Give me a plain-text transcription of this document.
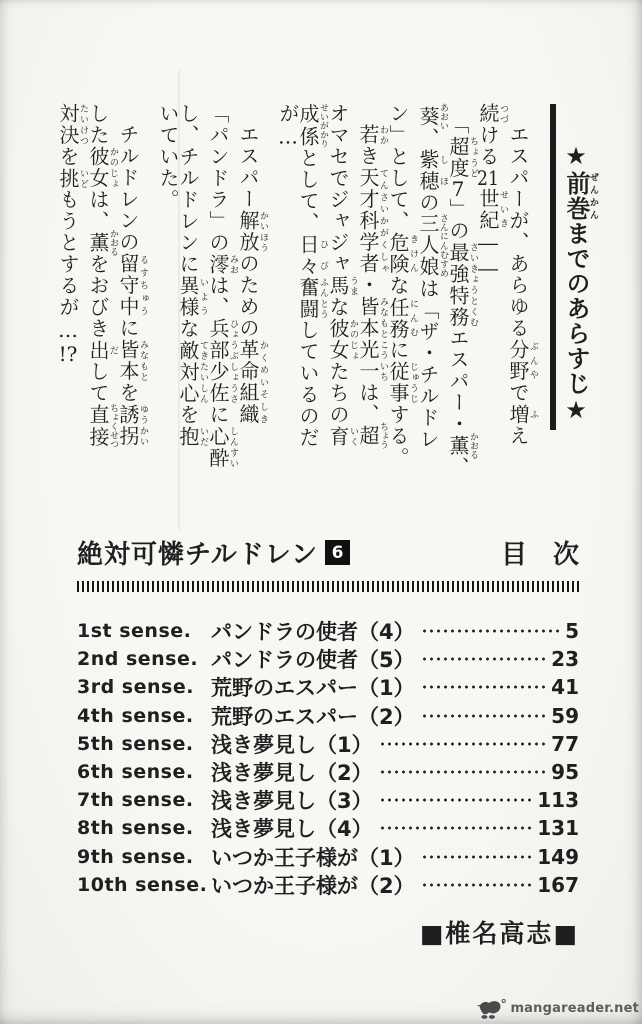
★前巻ぜんかんまでのあらすじ★
エスパーが、あらゆる分野ぶんやで増ふえ
続つづける21世紀せいき――
「超度ちょうど7」の最強特務さいきょうとくむエスパー・薫かおる、
葵あおい、紫穂しほの三人娘さんにんむすめは「ザ・チルドレ
ン」として、危険きけんな任務にんむに従事じゅうじする。
若わかき天才科学者てんさいかがくしゃ・皆本光一みなもとこういちは、超ちょう
オマセでジャジャ馬うまな彼女かのじょたちの育いく
成係せいがかりとして、日々ひび奮闘ふんとうしているのだ
が…
エスパー解放かいほうのための革命組織かくめいそしき
「パンドラ」の澪みおは、兵部少佐ひょうぶしょうさに心酔しんすい
し、チルドレンに異様いような敵対心てきたいしんを抱いだ
いていた。
チルドレンの留守中るすちゅうに皆本みなもとを誘拐ゆうかい
した彼女かのじょは、薫かおるをおびき出だして直接ちょくせつ
対決たいけつを挑いどもうとするが…!?
絶対可憐チルドレン 6	目　次
1st sense. パンドラの使者（4）	5
2nd sense. パンドラの使者（5）	23
3rd sense. 荒野のエスパー（1）	41
4th sense. 荒野のエスパー（2）	59
5th sense. 浅き夢見し（1）	77
6th sense. 浅き夢見し（2）	95
7th sense. 浅き夢見し（3）	113
8th sense. 浅き夢見し（4）	131
9th sense. いつか王子様が（1）	149
10th sense. いつか王子様が（2）	167
■椎名高志■
mangareader.net
